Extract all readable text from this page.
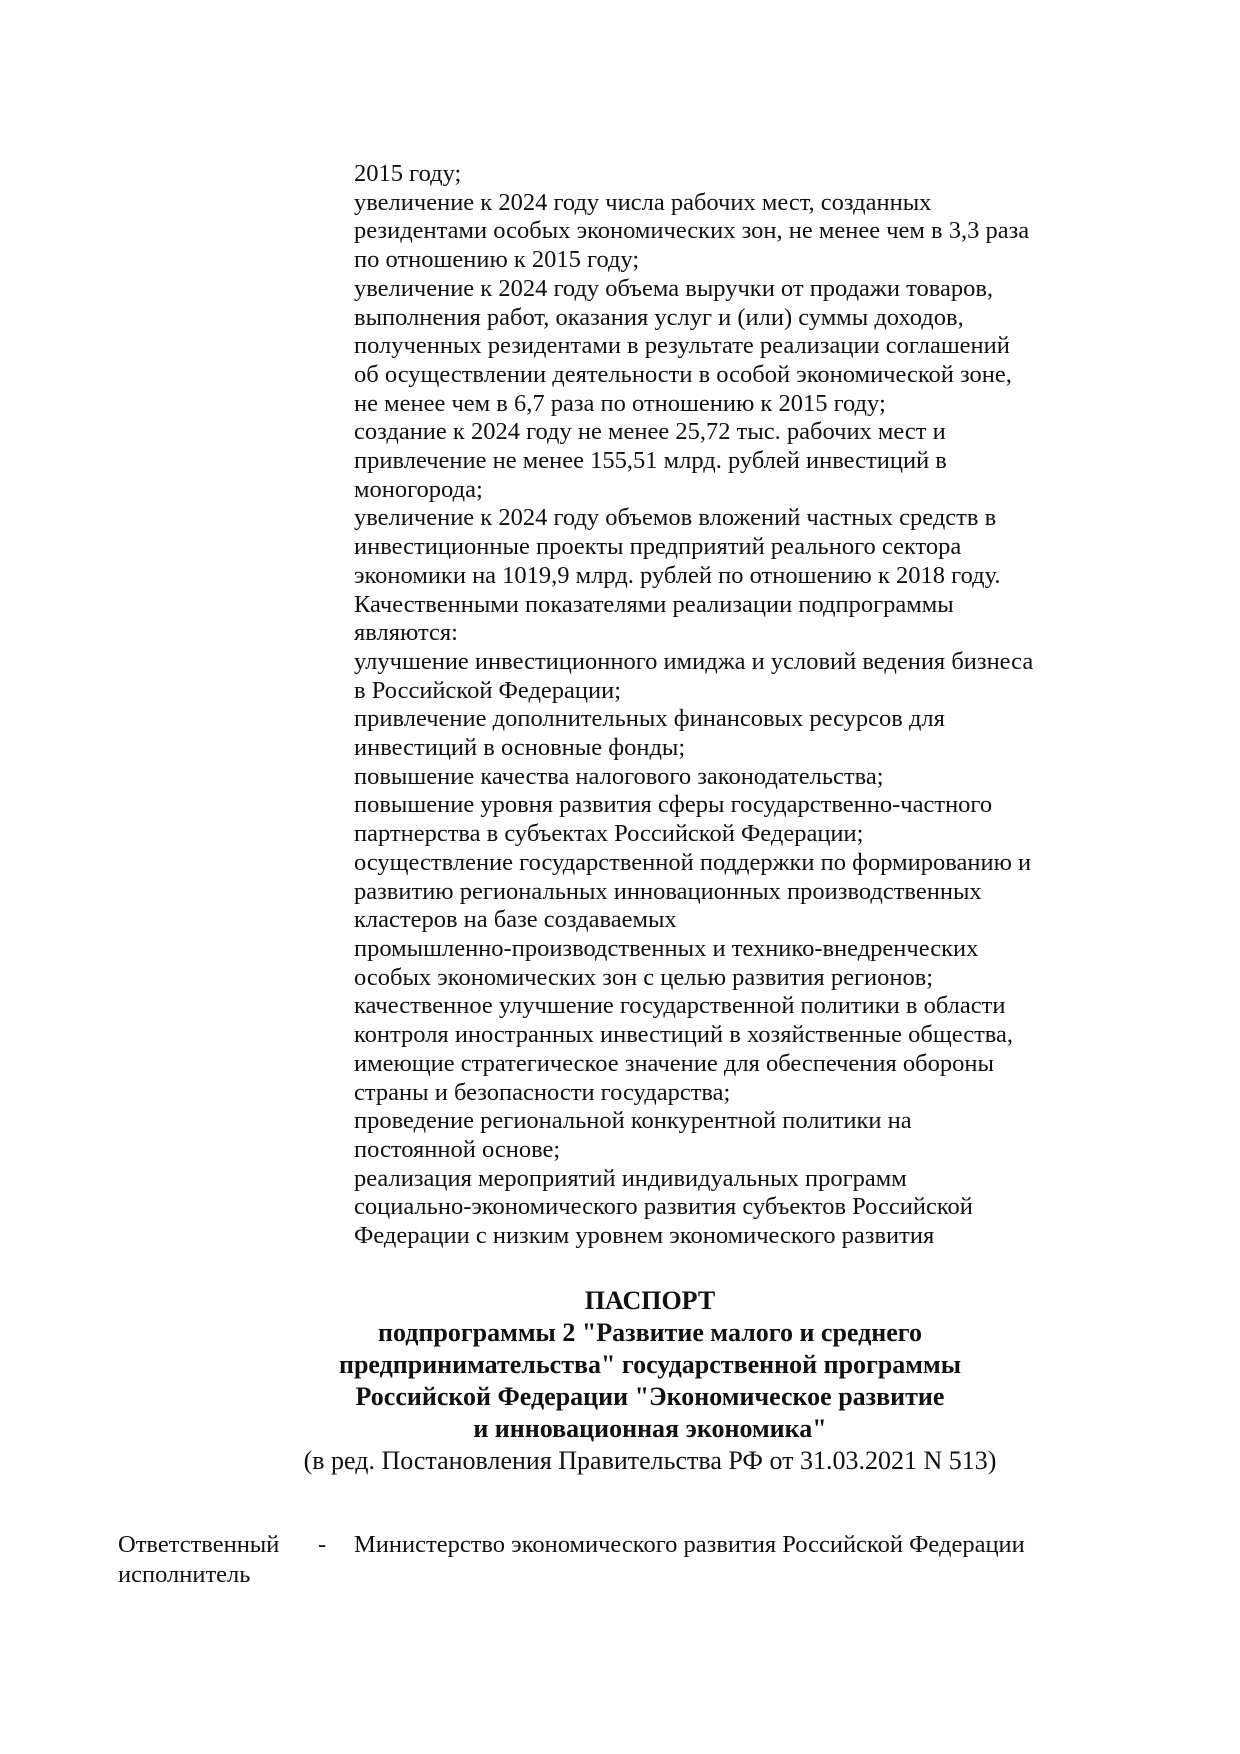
2015 году;
увеличение к 2024 году числа рабочих мест, созданных
резидентами особых экономических зон, не менее чем в 3,3 раза
по отношению к 2015 году;
увеличение к 2024 году объема выручки от продажи товаров,
выполнения работ, оказания услуг и (или) суммы доходов,
полученных резидентами в результате реализации соглашений
об осуществлении деятельности в особой экономической зоне,
не менее чем в 6,7 раза по отношению к 2015 году;
создание к 2024 году не менее 25,72 тыс. рабочих мест и
привлечение не менее 155,51 млрд. рублей инвестиций в
моногорода;
увеличение к 2024 году объемов вложений частных средств в
инвестиционные проекты предприятий реального сектора
экономики на 1019,9 млрд. рублей по отношению к 2018 году.
Качественными показателями реализации подпрограммы
являются:
улучшение инвестиционного имиджа и условий ведения бизнеса
в Российской Федерации;
привлечение дополнительных финансовых ресурсов для
инвестиций в основные фонды;
повышение качества налогового законодательства;
повышение уровня развития сферы государственно-частного
партнерства в субъектах Российской Федерации;
осуществление государственной поддержки по формированию и
развитию региональных инновационных производственных
кластеров на базе создаваемых
промышленно-производственных и технико-внедренческих
особых экономических зон с целью развития регионов;
качественное улучшение государственной политики в области
контроля иностранных инвестиций в хозяйственные общества,
имеющие стратегическое значение для обеспечения обороны
страны и безопасности государства;
проведение региональной конкурентной политики на
постоянной основе;
реализация мероприятий индивидуальных программ
социально-экономического развития субъектов Российской
Федерации с низким уровнем экономического развития
ПАСПОРТ
подпрограммы 2 "Развитие малого и среднего
предпринимательства" государственной программы
Российской Федерации "Экономическое развитие
и инновационная экономика"
(в ред. Постановления Правительства РФ от 31.03.2021 N 513)
Ответственный
исполнитель
- Министерство экономического развития Российской Федерации
